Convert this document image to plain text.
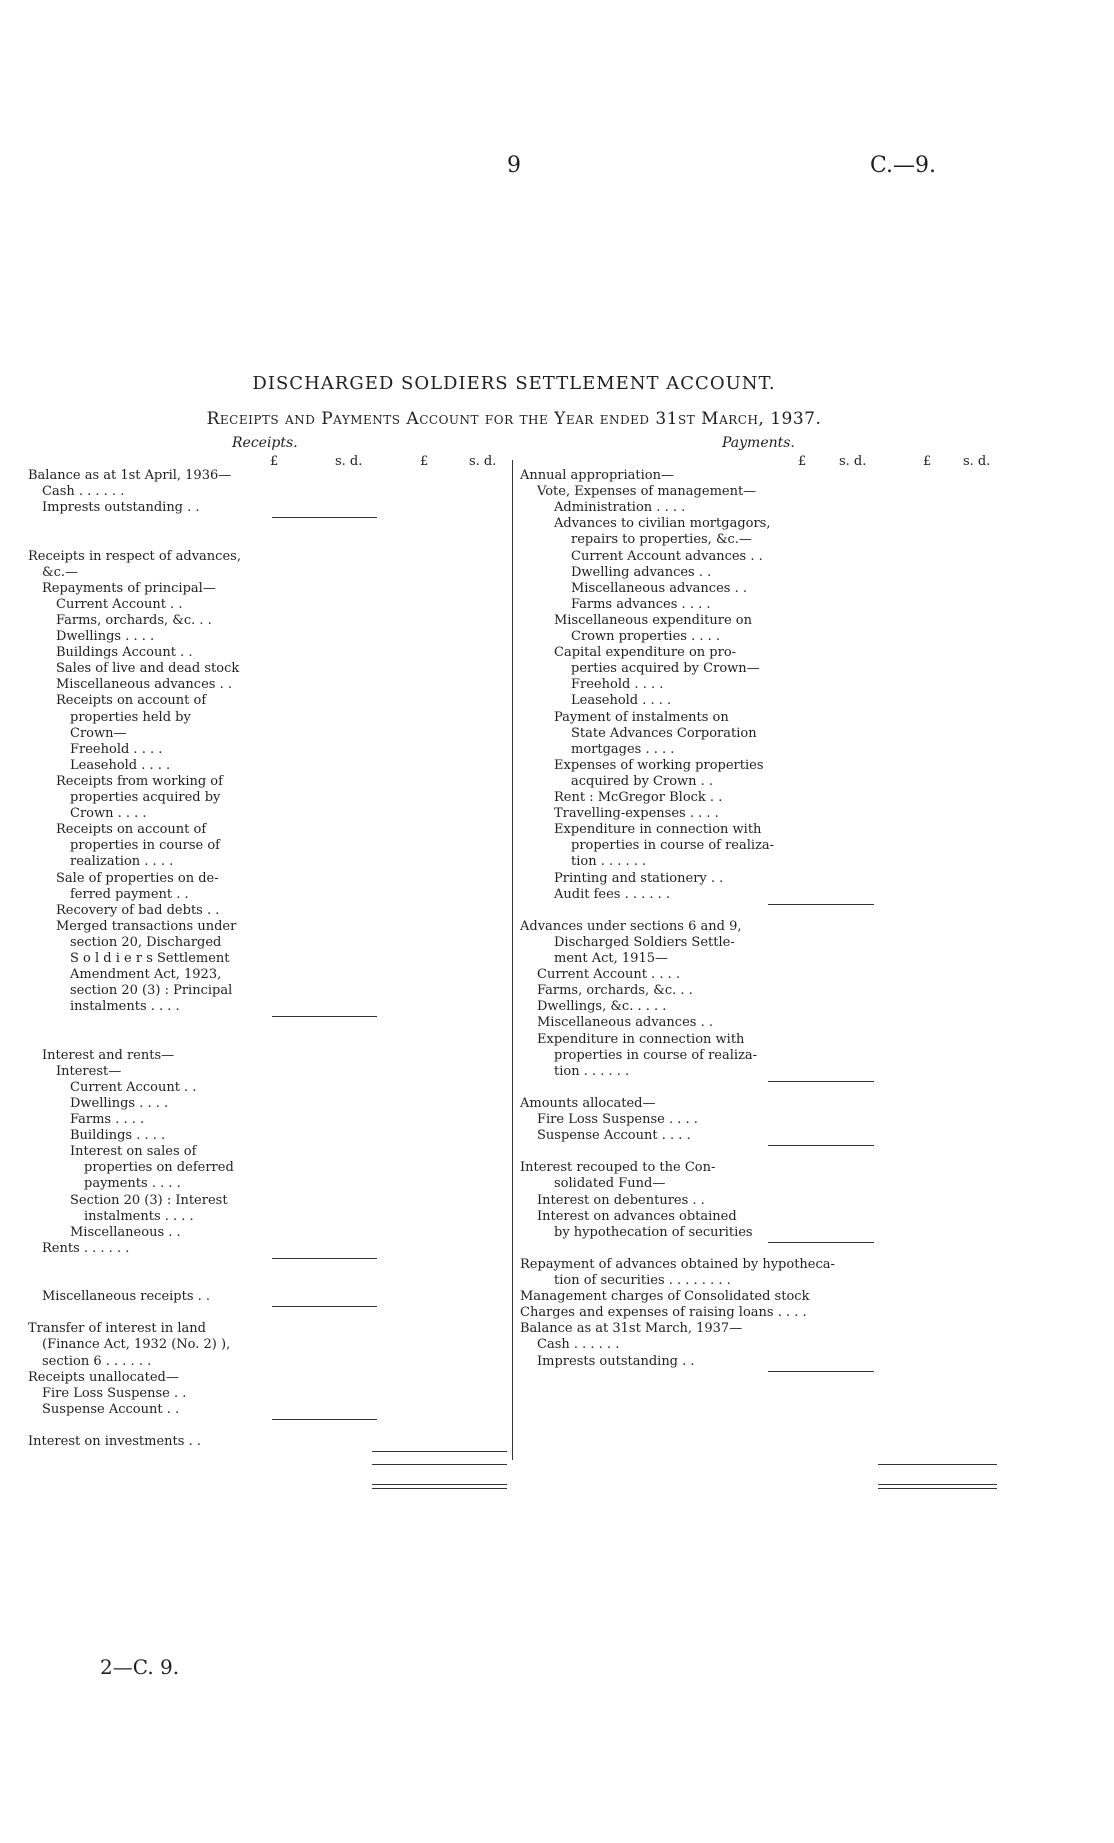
9	C.—9.
DISCHARGED SOLDIERS SETTLEMENT ACCOUNT.
Receipts and Payments Account for the Year ended 31st March, 1937.
Receipts.	Payments.
£	s. d.	£	s. d.	£	s. d.	£ s. d.
Balance as at 1st April, 1936—
Cash . . . . . .
Imprests outstanding . .
Receipts in respect of advances,
&c.—
Repayments of principal—
Current Account . .
Farms, orchards, &c. . .
Dwellings . . . .
Buildings Account . .
Sales of live and dead stock
Miscellaneous advances . .
Receipts on account of
properties held by
Crown—
Freehold . . . .
Leasehold . . . .
Receipts from working of
properties acquired by
Crown . . . .
Receipts on account of
properties in course of
realization . . . .
Sale of properties on de-
ferred payment . .
Recovery of bad debts . .
Merged transactions under
section 20, Discharged
S o l d i e r s Settlement
Amendment Act, 1923,
section 20 (3) : Principal
instalments . . . .
Interest and rents—
Interest—
Current Account . .
Dwellings . . . .
Farms . . . .
Buildings . . . .
Interest on sales of
properties on deferred
payments . . . .
Section 20 (3) : Interest
instalments . . . .
Miscellaneous . .
Rents . . . . . .
Miscellaneous receipts . .
Transfer of interest in land
(Finance Act, 1932 (No. 2) ),
section 6 . . . . . .
Receipts unallocated—
Fire Loss Suspense . .
Suspense Account . .
Interest on investments . .
Annual appropriation—
Vote, Expenses of management—
Administration . . . .
Advances to civilian mortgagors,
repairs to properties, &c.—
Current Account advances . .
Dwelling advances . .
Miscellaneous advances . .
Farms advances . . . .
Miscellaneous expenditure on
Crown properties . . . .
Capital expenditure on pro-
perties acquired by Crown—
Freehold . . . .
Leasehold . . . .
Payment of instalments on
State Advances Corporation
mortgages . . . .
Expenses of working properties
acquired by Crown . .
Rent : McGregor Block . .
Travelling-expenses . . . .
Expenditure in connection with
properties in course of realiza-
tion . . . . . .
Printing and stationery . .
Audit fees . . . . . .
Advances under sections 6 and 9,
Discharged Soldiers Settle-
ment Act, 1915—
Current Account . . . .
Farms, orchards, &c. . .
Dwellings, &c. . . . .
Miscellaneous advances . .
Expenditure in connection with
properties in course of realiza-
tion . . . . . .
Amounts allocated—
Fire Loss Suspense . . . .
Suspense Account . . . .
Interest recouped to the Con-
solidated Fund—
Interest on debentures . .
Interest on advances obtained
by hypothecation of securities
Repayment of advances obtained by hypotheca-
tion of securities . . . . . . . .
Management charges of Consolidated stock
Charges and expenses of raising loans . . . .
Balance as at 31st March, 1937—
Cash . . . . . .
Imprests outstanding . .
2—C. 9.
